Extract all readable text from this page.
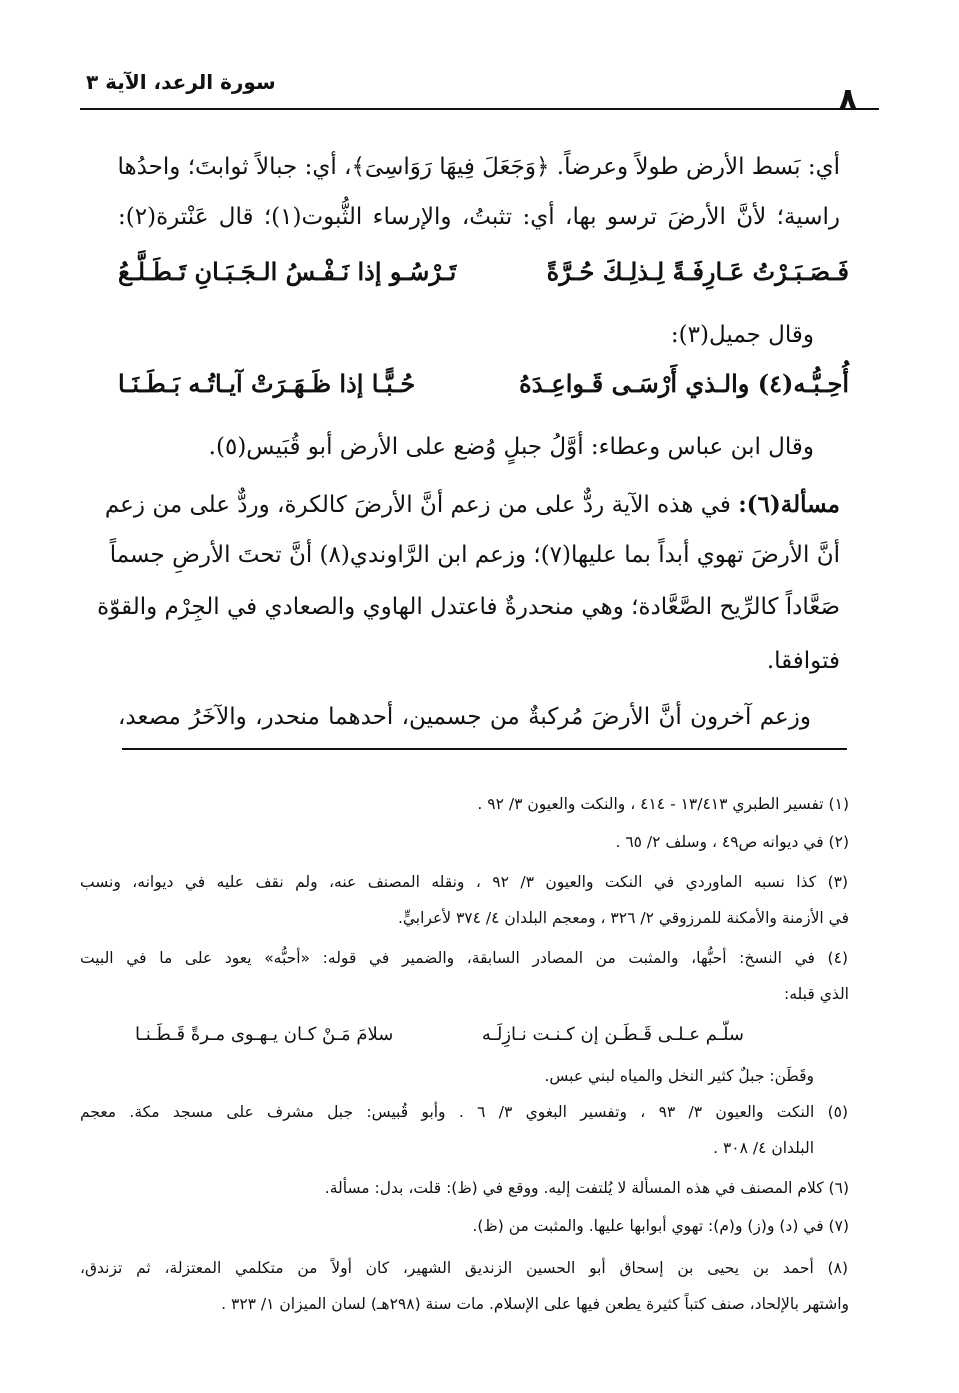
٨
سورة الرعد، الآية ٣
أي: بَسط الأرض طولاً وعرضاً. ﴿وَجَعَلَ فِيهَا رَوَاسِىَ﴾، أي: جبالاً ثوابتَ؛ واحدُها
راسية؛ لأنَّ الأرضَ ترسو بها، أي: تثبتُ، والإرساء الثُّبوت(١)؛ قال عَنْترة(٢):
فَـصَـبَـرْتُ عَـارِفَـةً لِـذلِـكَ حُـرَّةً
تَـرْسُـو إذا نَـفْـسُ الـجَـبَـانِ تَـطَـلَّـعُ
وقال جميل(٣):
أُحِـبُّـه(٤) والـذي أَرْسَـى قَـواعِـدَهُ
حُـبًّـا إذا ظَـهَـرَتْ آيـاتُـه بَـطَـنَـا
وقال ابن عباس وعطاء: أوَّلُ جبلٍ وُضع على الأرض أبو قُبَيس(٥).
مسألة(٦): في هذه الآية ردٌّ على من زعم أنَّ الأرضَ كالكرة، وردٌّ على من زعم
أنَّ الأرضَ تهوي أبداً بما عليها(٧)؛ وزعم ابن الرَّاوندي(٨) أنَّ تحتَ الأرضِ جسماً
صَعَّاداً كالرِّيح الصَّعَّادة؛ وهي منحدرةٌ فاعتدل الهاوي والصعادي في الجِرْم والقوّة
فتوافقا.
وزعم آخرون أنَّ الأرضَ مُركبةٌ من جسمين، أحدهما منحدر، والآخَرُ مصعد،
(١) تفسير الطبري ١٣/٤١٣ - ٤١٤ ، والنكت والعيون ٣/ ٩٢ .
(٢) في ديوانه ص٤٩ ، وسلف ٢/ ٦٥ .
(٣) كذا نسبه الماوردي في النكت والعيون ٣/ ٩٢ ، ونقله المصنف عنه، ولم نقف عليه في ديوانه، ونسب
في الأزمنة والأمكنة للمرزوقي ٢/ ٣٢٦ ، ومعجم البلدان ٤/ ٣٧٤ لأعرابيٍّ.
(٤) في النسخ: أحبُّها، والمثبت من المصادر السابقة، والضمير في قوله: «أحبُّه» يعود على ما في البيت
الذي قبله:
سلّـم عـلـى قَـطَـن إن كـنـت نـازِلَـه
سلامَ مَـنْ كـان يـهـوى مـرةً قَـطَـنـا
وقَطَن: جبلٌ كثير النخل والمياه لبني عبس.
(٥) النكت والعيون ٣/ ٩٣ ، وتفسير البغوي ٣/ ٦ . وأبو قُبيس: جبل مشرف على مسجد مكة. معجم
البلدان ٤/ ٣٠٨ .
(٦) كلام المصنف في هذه المسألة لا يُلتفت إليه. ووقع في (ظ): قلت، بدل: مسألة.
(٧) في (د) و(ز) و(م): تهوي أبوابها عليها. والمثبت من (ظ).
(٨) أحمد بن يحيى بن إسحاق أبو الحسين الزنديق الشهير، كان أولاً من متكلمي المعتزلة، ثم تزندق،
واشتهر بالإلحاد، صنف كتباً كثيرة يطعن فيها على الإسلام. مات سنة (٢٩٨هـ) لسان الميزان ١/ ٣٢٣ .
